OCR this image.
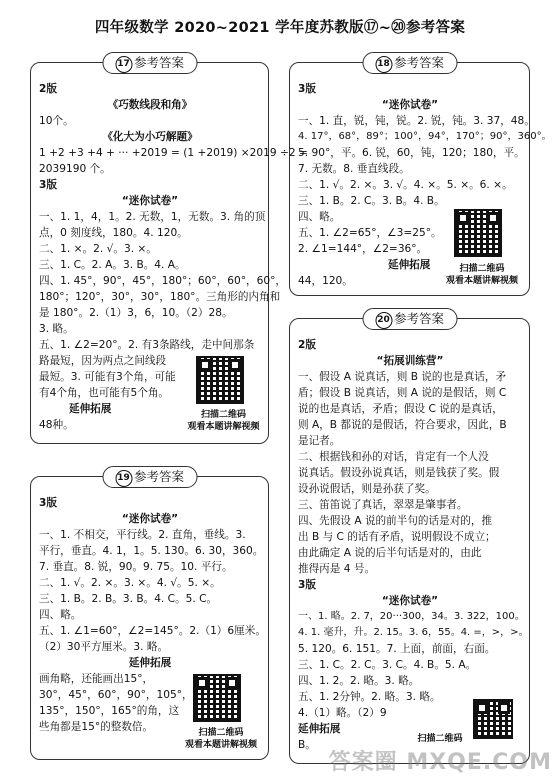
四年级数学 2020~2021 学年度苏教版⑰~⑳参考答案
17 参考答案
2版
《巧数线段和角》
10个。
《化大为小巧解题》
1 +2 +3 +4 + ··· +2019 = (1 +2019) ×2019 ÷2 =
2039190 个。
3版
“迷你试卷”
一、1. 1，4，1。2. 无数，1，无数。3. 角的顶
点，0 刻度线，180。4. 120。
二、1. ×。2. √。3. ×。
三、1. C。2. A。3. B。4. A。
四、1. 45°，90°，45°，180°；60°，60°，60°，
180°；120°，30°，30°，180°。三角形的内角和
是 180°。2.（1）3，6，10。（2）28。
3. 略。
五、1. ∠2=20°。2. 有3条路线，走中间那条
路最短，因为两点之间线段
最短。3. 可能有3个角，可能
有4个角，也可能有5个角。
延伸拓展
48种。
扫描二维码
观看本题讲解视频
18 参考答案
3版
“迷你试卷”
一、1. 直，锐，钝，锐。2. 锐，钝。3. 37，48。
4. 17°，68°，89°；100°，94°，170°；90°，360°。
5. 90°，平。6. 锐，60，钝，120；180，平。
7. 无数。8. 垂直线段。
二、1. √。2. ×。3. √。4. ×。5. ×。6. ×。
三、1. B。2. C。3. B。4. B。
四、略。
五、1. ∠2=65°，∠3=25°。
2. ∠1=144°，∠2=36°。
延伸拓展
44，120。
扫描二维码
观看本题讲解视频
19 参考答案
3版
“迷你试卷”
一、1. 不相交，平行线。2. 直角，垂线。3.
平行，垂直。4. 1，1。5. 130。6. 30，360。
7. 垂直。8. 锐，90。9. 75。10. 平行。
二、1. √。2. ×。3. ×。4. √。5. ×。
三、1. B。2. B。3. B。4. C。5. C。
四、略。
五、1. ∠1=60°，∠2=145°。2.（1）6厘米。
（2）30平方厘米。3. 略。
延伸拓展
画角略，还能画出15°，
30°，45°，60°，90°，105°，
135°，150°，165°的角，这
些角都是15°的整数倍。	扫描二维码
观看本题讲解视频
20 参考答案
2版
“拓展训练营”
一、假设 A 说真话，则 B 说的也是真话，矛
盾；假设 B 说真话，则 A 说的是假话，则 C
说的也是真话，矛盾；假设 C 说的是真话，
则 A，B 都说的是假话，符合要求，因此，B
是记者。
二、根据钱和孙的对话，肯定有一个人没
说真话。假设孙说真话，则是钱获了奖。假
设孙说假话，则是孙获了奖。
三、笛笛说了真话，翠翠是肇事者。
四、先假设 A 说的前半句的话是对的，推
出 B 与 C 的话有矛盾，说明假设不成立；
由此确定 A 说的后半句话是对的，由此
推得丙是 4 号。
3版
“迷你试卷”
一、1. 略。2. 7，20···300，34。3. 322，100。
4. 1. 毫升，升。2. 15。3. 6，55。4. =，>，>。
5. 120。6. 151。7. 上面，前面，右面。
三、1. C。2. C。3. C。4. B。5. A。
四、1. 2。2. 略。3. 略。
五、1. 2分钟。2. 略。3. 略。
4.（1）略。（2）9
延伸拓展
B。	扫描二维码
答案圈 MXQE.COM
